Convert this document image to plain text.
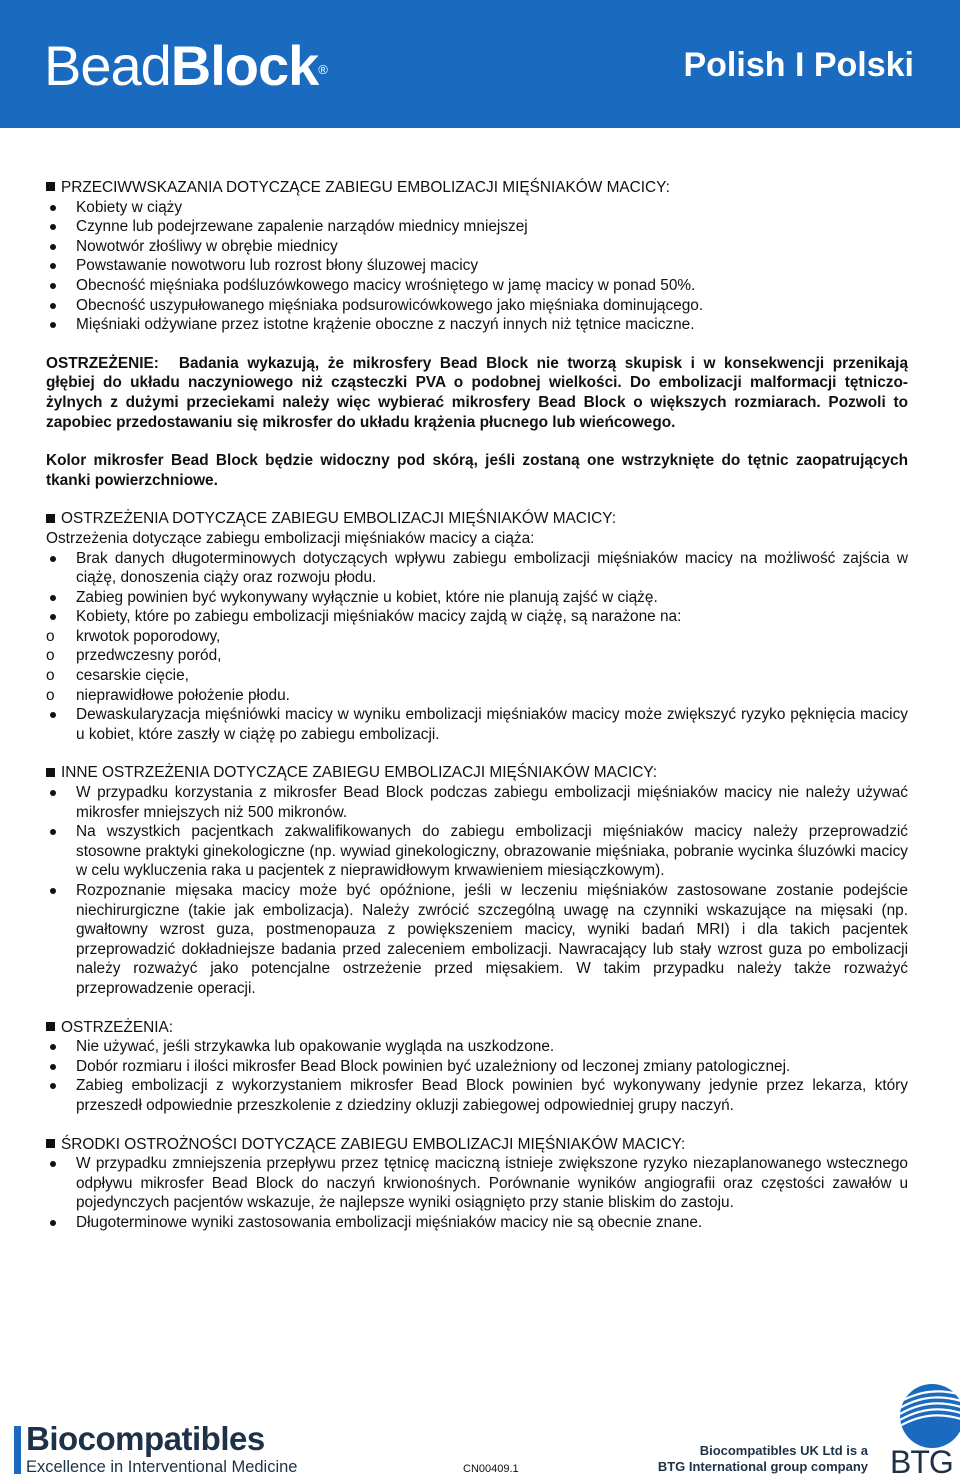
BeadBlock®	Polish I Polski

PRZECIWWSKAZANIA DOTYCZĄCE ZABIEGU EMBOLIZACJI MIĘŚNIAKÓW MACICY:

Kobiety w ciąży
Czynne lub podejrzewane zapalenie narządów miednicy mniejszej
Nowotwór złośliwy w obrębie miednicy
Powstawanie nowotworu lub rozrost błony śluzowej macicy
Obecność mięśniaka podśluzówkowego macicy wrośniętego w jamę macicy w ponad 50%.
Obecność uszypułowanego mięśniaka podsurowicówkowego jako mięśniaka dominującego.
Mięśniaki odżywiane przez istotne krążenie oboczne z naczyń innych niż tętnice maciczne.

OSTRZEŻENIE: Badania wykazują, że mikrosfery Bead Block nie tworzą skupisk i w konsekwencji przenikają głębiej do układu naczyniowego niż cząsteczki PVA o podobnej wielkości. Do embolizacji malformacji tętniczo-żylnych z dużymi przeciekami należy więc wybierać mikrosfery Bead Block o większych rozmiarach. Pozwoli to zapobiec przedostawaniu się mikrosfer do układu krążenia płucnego lub wieńcowego.

Kolor mikrosfer Bead Block będzie widoczny pod skórą, jeśli zostaną one wstrzyknięte do tętnic zaopatrujących tkanki powierzchniowe.

OSTRZEŻENIA DOTYCZĄCE ZABIEGU EMBOLIZACJI MIĘŚNIAKÓW MACICY:

Ostrzeżenia dotyczące zabiegu embolizacji mięśniaków macicy a ciąża:

Brak danych długoterminowych dotyczących wpływu zabiegu embolizacji mięśniaków macicy na możliwość zajścia w ciążę, donoszenia ciąży oraz rozwoju płodu.
Zabieg powinien być wykonywany wyłącznie u kobiet, które nie planują zajść w ciążę.
Kobiety, które po zabiegu embolizacji mięśniaków macicy zajdą w ciążę, są narażone na:
o krwotok poporodowy,
o przedwczesny poród,
o cesarskie cięcie,
o nieprawidłowe położenie płodu.
Dewaskularyzacja mięśniówki macicy w wyniku embolizacji mięśniaków macicy może zwiększyć ryzyko pęknięcia macicy u kobiet, które zaszły w ciążę po zabiegu embolizacji.

INNE OSTRZEŻENIA DOTYCZĄCE ZABIEGU EMBOLIZACJI MIĘŚNIAKÓW MACICY:

W przypadku korzystania z mikrosfer Bead Block podczas zabiegu embolizacji mięśniaków macicy nie należy używać mikrosfer mniejszych niż 500 mikronów.
Na wszystkich pacjentkach zakwalifikowanych do zabiegu embolizacji mięśniaków macicy należy przeprowadzić stosowne praktyki ginekologiczne (np. wywiad ginekologiczny, obrazowanie mięśniaka, pobranie wycinka śluzówki macicy w celu wykluczenia raka u pacjentek z nieprawidłowym krwawieniem miesiączkowym).
Rozpoznanie mięsaka macicy może być opóźnione, jeśli w leczeniu mięśniaków zastosowane zostanie podejście niechirurgiczne (takie jak embolizacja). Należy zwrócić szczególną uwagę na czynniki wskazujące na mięsaki (np. gwałtowny wzrost guza, postmenopauza z powiększeniem macicy, wyniki badań MRI) i dla takich pacjentek przeprowadzić dokładniejsze badania przed zaleceniem embolizacji. Nawracający lub stały wzrost guza po embolizacji należy rozważyć jako potencjalne ostrzeżenie przed mięsakiem. W takim przypadku należy także rozważyć przeprowadzenie operacji.

OSTRZEŻENIA:

Nie używać, jeśli strzykawka lub opakowanie wygląda na uszkodzone.
Dobór rozmiaru i ilości mikrosfer Bead Block powinien być uzależniony od leczonej zmiany patologicznej.
Zabieg embolizacji z wykorzystaniem mikrosfer Bead Block powinien być wykonywany jedynie przez lekarza, który przeszedł odpowiednie przeszkolenie z dziedziny okluzji zabiegowej odpowiedniej grupy naczyń.

ŚRODKI OSTROŻNOŚCI DOTYCZĄCE ZABIEGU EMBOLIZACJI MIĘŚNIAKÓW MACICY:

W przypadku zmniejszenia przepływu przez tętnicę maciczną istnieje zwiększone ryzyko niezaplanowanego wstecznego odpływu mikrosfer Bead Block do naczyń krwionośnych. Porównanie wyników angiografii oraz częstości zawałów u pojedynczych pacjentów wskazuje, że najlepsze wyniki osiągnięto przy stanie bliskim do zastoju.
Długoterminowe wyniki zastosowania embolizacji mięśniaków macicy nie są obecnie znane.
Biocompatibles
Excellence in Interventional Medicine	CN00409.1
Biocompatibles UK Ltd is a
BTG International group company BTG
